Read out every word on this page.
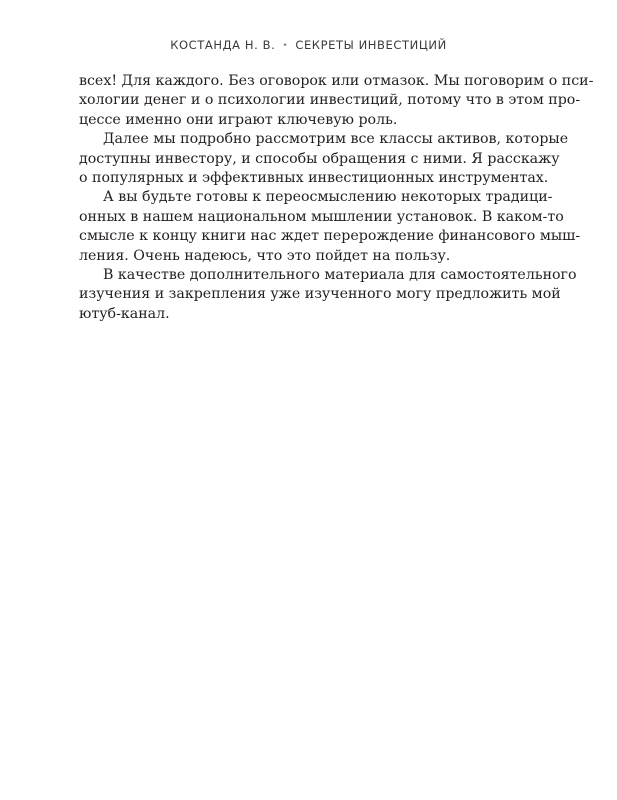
КОСТАНДА Н. В. • СЕКРЕТЫ ИНВЕСТИЦИЙ
всех! Для каждого. Без оговорок или отмазок. Мы поговорим о пси-
хологии денег и о психологии инвестиций, потому что в этом про-
цессе именно они играют ключевую роль.
Далее мы подробно рассмотрим все классы активов, которые
доступны инвестору, и способы обращения с ними. Я расскажу
о популярных и эффективных инвестиционных инструментах.
А вы будьте готовы к переосмыслению некоторых традици-
онных в нашем национальном мышлении установок. В каком-то
смысле к концу книги нас ждет перерождение финансового мыш-
ления. Очень надеюсь, что это пойдет на пользу.
В качестве дополнительного материала для самостоятельного
изучения и закрепления уже изученного могу предложить мой
ютуб-канал.
